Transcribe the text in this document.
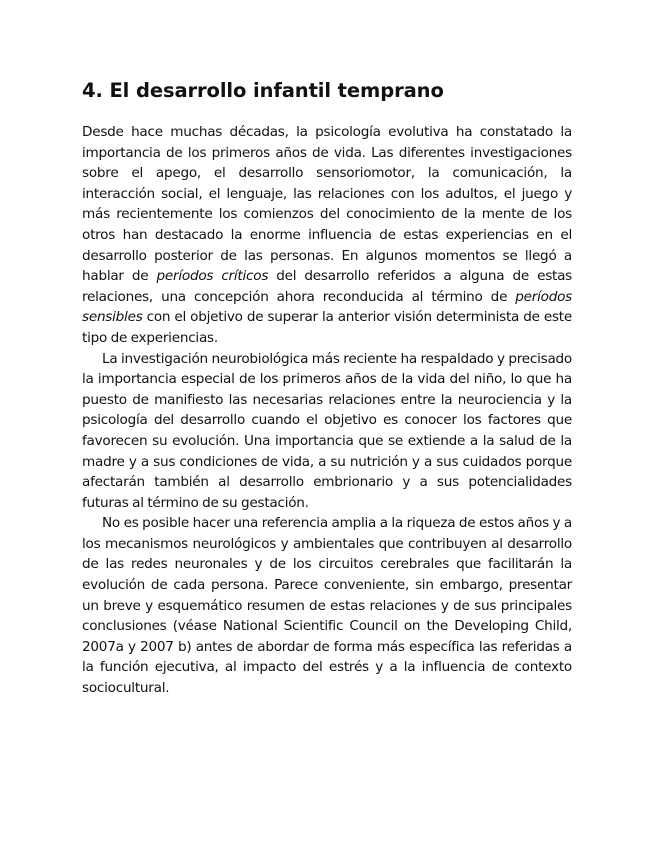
4. El desarrollo infantil temprano

Desde hace muchas décadas, la psicología evolutiva ha constatado la importancia de los primeros años de vida. Las diferentes investigaciones sobre el apego, el desarrollo sensoriomotor, la comunicación, la interacción social, el lenguaje, las relaciones con los adultos, el juego y más recientemente los comienzos del conocimiento de la mente de los otros han destacado la enorme influencia de estas experiencias en el desarrollo posterior de las personas. En algunos momentos se llegó a hablar de períodos críticos del desarrollo referidos a alguna de estas relaciones, una concepción ahora reconducida al término de períodos sensibles con el objetivo de superar la anterior visión determinista de este tipo de experiencias.

La investigación neurobiológica más reciente ha respaldado y precisado la importancia especial de los primeros años de la vida del niño, lo que ha puesto de manifiesto las necesarias relaciones entre la neurociencia y la psicología del desarrollo cuando el objetivo es conocer los factores que favorecen su evolución. Una importancia que se extiende a la salud de la madre y a sus condiciones de vida, a su nutrición y a sus cuidados porque afectarán también al desarrollo embrionario y a sus potencialidades futuras al término de su gestación.

No es posible hacer una referencia amplia a la riqueza de estos años y a los mecanismos neurológicos y ambientales que contribuyen al desarrollo de las redes neuronales y de los circuitos cerebrales que facilitarán la evolución de cada persona. Parece conveniente, sin embargo, presentar un breve y esquemático resumen de estas relaciones y de sus principales conclusiones (véase National Scientific Council on the Developing Child, 2007a y 2007 b) antes de abordar de forma más específica las referidas a la función ejecutiva, al impacto del estrés y a la influencia de contexto sociocultural.
